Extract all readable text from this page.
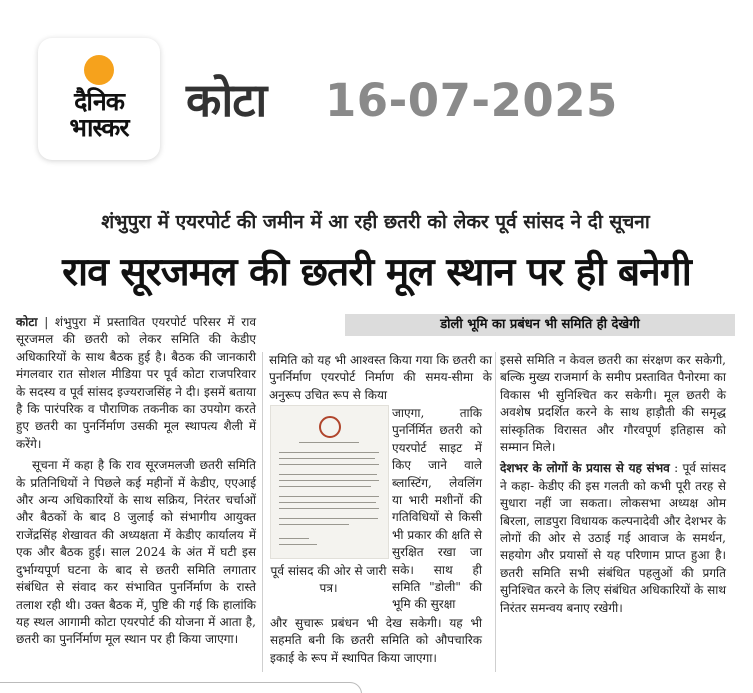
दैनिक
भास्कर
कोटा 16-07-2025
शंभुपुरा में एयरपोर्ट की जमीन में आ रही छतरी को लेकर पूर्व सांसद ने दी सूचना
राव सूरजमल की छतरी मूल स्थान पर ही बनेगी

कोटा | शंभुपुरा में प्रस्तावित एयरपोर्ट परिसर में राव सूरजमल की छतरी को लेकर समिति की केडीए अधिकारियों के साथ बैठक हुई है। बैठक की जानकारी मंगलवार रात सोशल मीडिया पर पूर्व कोटा राजपरिवार के सदस्य व पूर्व सांसद इज्यराजसिंह ने दी। इसमें बताया है कि पारंपरिक व पौराणिक तकनीक का उपयोग करते हुए छतरी का पुनर्निर्माण उसकी मूल स्थापत्य शैली में करेंगे।

सूचना में कहा है कि राव सूरजमलजी छतरी समिति के प्रतिनिधियों ने पिछले कई महीनों में केडीए, एएआई और अन्य अधिकारियों के साथ सक्रिय, निरंतर चर्चाओं और बैठकों के बाद 8 जुलाई को संभागीय आयुक्त राजेंद्रसिंह शेखावत की अध्यक्षता में केडीए कार्यालय में एक और बैठक हुई। साल 2024 के अंत में घटी इस दुर्भाग्यपूर्ण घटना के बाद से छतरी समिति लगातार संबंधित से संवाद कर संभावित पुनर्निर्माण के रास्ते तलाश रही थी। उक्त बैठक में, पुष्टि की गई कि हालांकि यह स्थल आगामी कोटा एयरपोर्ट की योजना में आता है, छतरी का पुनर्निर्माण मूल स्थान पर ही किया जाएगा।

समिति को यह भी आश्वस्त किया गया कि छतरी का पुनर्निर्माण एयरपोर्ट निर्माण की समय-सीमा के अनुरूप उचित रूप से किया

इससे समिति न केवल छतरी का संरक्षण कर सकेगी, बल्कि मुख्य राजमार्ग के समीप प्रस्तावित पैनोरमा का विकास भी सुनिश्चित कर सकेगी। मूल छतरी के अवशेष प्रदर्शित करने के साथ हाड़ौती की समृद्ध सांस्कृतिक विरासत और गौरवपूर्ण इतिहास को सम्मान मिले।

देशभर के लोगों के प्रयास से यह संभव : पूर्व सांसद ने कहा- केडीए की इस गलती को कभी पूरी तरह से सुधारा नहीं जा सकता। लोकसभा अध्यक्ष ओम बिरला, लाडपुरा विधायक कल्पनादेवी और देशभर के लोगों की ओर से उठाई गई आवाज के समर्थन, सहयोग और प्रयासों से यह परिणाम प्राप्त हुआ है। छतरी समिति सभी संबंधित पहलुओं की प्रगति सुनिश्चित करने के लिए संबंधित अधिकारियों के साथ निरंतर समन्वय बनाए रखेगी।

डोली भूमि का प्रबंधन भी समिति ही देखेगी
पूर्व सांसद की ओर से जारी पत्र।
जाएगा, ताकि पुनर्निर्मित छतरी को एयरपोर्ट साइट में किए जाने वाले ब्लास्टिंग, लेवलिंग या भारी मशीनों की गतिविधियों से किसी भी प्रकार की क्षति से सुरक्षित रखा जा सके। साथ ही समिति "डोली" की भूमि की सुरक्षा
और सुचारू प्रबंधन भी देख सकेगी। यह भी सहमति बनी कि छतरी समिति को औपचारिक इकाई के रूप में स्थापित किया जाएगा।
